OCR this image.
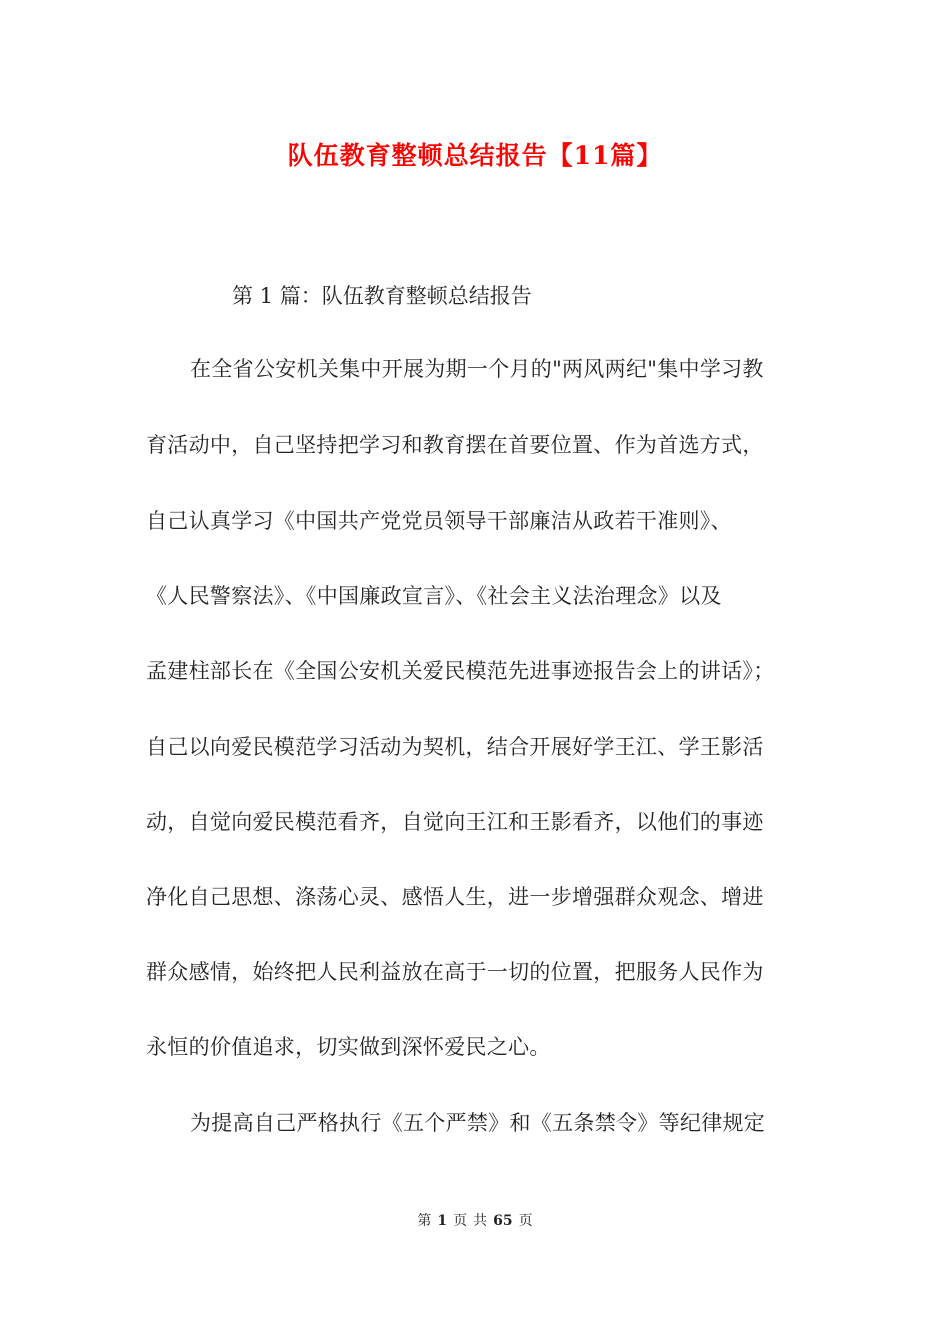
队伍教育整顿总结报告【11篇】
第 1 篇：队伍教育整顿总结报告
在全省公安机关集中开展为期一个月的"两风两纪"集中学习教
育活动中，自己坚持把学习和教育摆在首要位置、作为首选方式，
自己认真学习《中国共产党党员领导干部廉洁从政若干准则》、
《人民警察法》、《中国廉政宣言》、《社会主义法治理念》以及
孟建柱部长在《全国公安机关爱民模范先进事迹报告会上的讲话》；
自己以向爱民模范学习活动为契机，结合开展好学王江、学王影活
动，自觉向爱民模范看齐，自觉向王江和王影看齐，以他们的事迹
净化自己思想、涤荡心灵、感悟人生，进一步增强群众观念、增进
群众感情，始终把人民利益放在高于一切的位置，把服务人民作为
永恒的价值追求，切实做到深怀爱民之心。
为提高自己严格执行《五个严禁》和《五条禁令》等纪律规定
第 1 页 共 65 页
